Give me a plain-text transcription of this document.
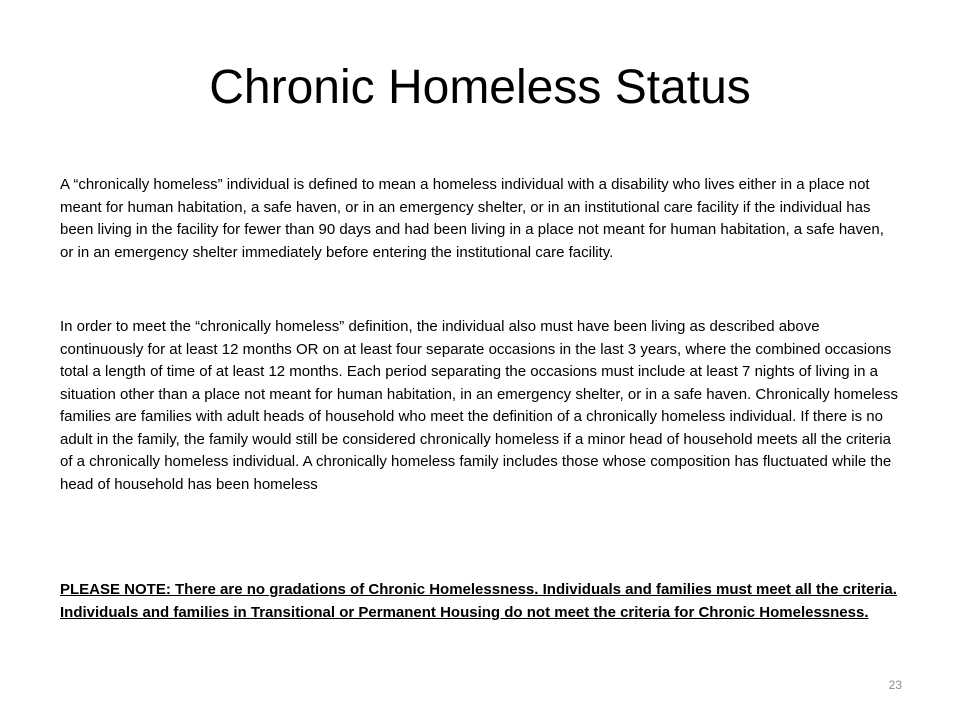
Chronic Homeless Status

A “chronically homeless” individual is defined to mean a homeless individual with a disability who lives either in a place not meant for human habitation, a safe haven, or in an emergency shelter, or in an institutional care facility if the individual has been living in the facility for fewer than 90 days and had been living in a place not meant for human habitation, a safe haven, or in an emergency shelter immediately before entering the institutional care facility.

In order to meet the “chronically homeless” definition, the individual also must have been living as described above continuously for at least 12 months OR on at least four separate occasions in the last 3 years, where the combined occasions total a length of time of at least 12 months. Each period separating the occasions must include at least 7 nights of living in a situation other than a place not meant for human habitation, in an emergency shelter, or in a safe haven. Chronically homeless families are families with adult heads of household who meet the definition of a chronically homeless individual. If there is no adult in the family, the family would still be considered chronically homeless if a minor head of household meets all the criteria of a chronically homeless individual. A chronically homeless family includes those whose composition has fluctuated while the head of household has been homeless

PLEASE NOTE: There are no gradations of Chronic Homelessness. Individuals and families must meet all the criteria. Individuals and families in Transitional or Permanent Housing do not meet the criteria for Chronic Homelessness.

23
